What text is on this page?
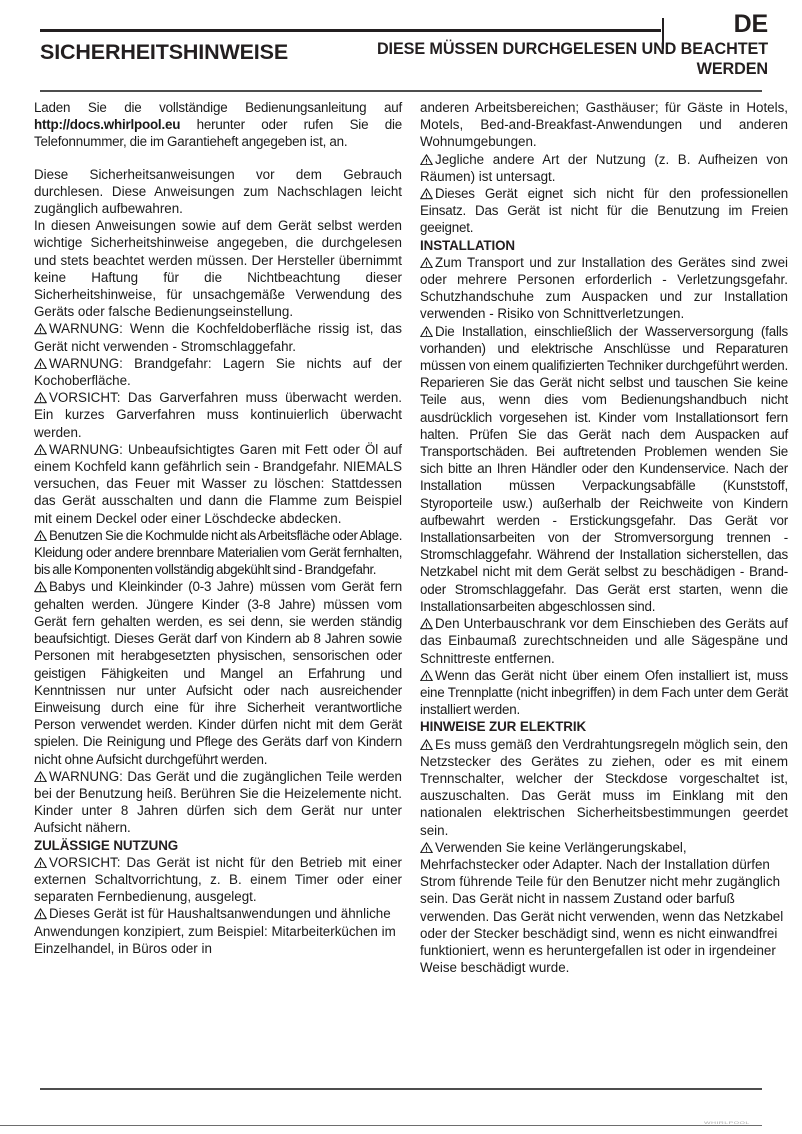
DE
SICHERHEITSHINWEISE	DIESE MÜSSEN DURCHGELESEN UND BEACHTET WERDEN

Laden Sie die vollständige Bedienungsanleitung auf http://docs.whirlpool.eu herunter oder rufen Sie die Telefonnummer, die im Garantieheft angegeben ist, an.

Diese Sicherheitsanweisungen vor dem Gebrauch durchlesen. Diese Anweisungen zum Nachschlagen leicht zugänglich aufbewahren.

In diesen Anweisungen sowie auf dem Gerät selbst werden wichtige Sicherheitshinweise angegeben, die durchgelesen und stets beachtet werden müssen. Der Hersteller übernimmt keine Haftung für die Nichtbeachtung dieser Sicherheitshinweise, für unsachgemäße Verwendung des Geräts oder falsche Bedienungseinstellung.

WARNUNG: Wenn die Kochfeldoberfläche rissig ist, das Gerät nicht verwenden - Stromschlaggefahr.

WARNUNG: Brandgefahr: Lagern Sie nichts auf der Kochoberfläche.

VORSICHT: Das Garverfahren muss überwacht werden. Ein kurzes Garverfahren muss kontinuierlich überwacht werden.

WARNUNG: Unbeaufsichtigtes Garen mit Fett oder Öl auf einem Kochfeld kann gefährlich sein - Brandgefahr. NIEMALS versuchen, das Feuer mit Wasser zu löschen: Stattdessen das Gerät ausschalten und dann die Flamme zum Beispiel mit einem Deckel oder einer Löschdecke abdecken.

Benutzen Sie die Kochmulde nicht als Arbeitsfläche oder Ablage. Kleidung oder andere brennbare Materialien vom Gerät fernhalten, bis alle Komponenten vollständig abgekühlt sind - Brandgefahr.

Babys und Kleinkinder (0-3 Jahre) müssen vom Gerät fern gehalten werden. Jüngere Kinder (3-8 Jahre) müssen vom Gerät fern gehalten werden, es sei denn, sie werden ständig beaufsichtigt. Dieses Gerät darf von Kindern ab 8 Jahren sowie Personen mit herabgesetzten physischen, sensorischen oder geistigen Fähigkeiten und Mangel an Erfahrung und Kenntnissen nur unter Aufsicht oder nach ausreichender Einweisung durch eine für ihre Sicherheit verantwortliche Person verwendet werden. Kinder dürfen nicht mit dem Gerät spielen. Die Reinigung und Pflege des Geräts darf von Kindern nicht ohne Aufsicht durchgeführt werden.

WARNUNG: Das Gerät und die zugänglichen Teile werden bei der Benutzung heiß. Berühren Sie die Heizelemente nicht. Kinder unter 8 Jahren dürfen sich dem Gerät nur unter Aufsicht nähern.

ZULÄSSIGE NUTZUNG

VORSICHT: Das Gerät ist nicht für den Betrieb mit einer externen Schaltvorrichtung, z. B. einem Timer oder einer separaten Fernbedienung, ausgelegt.

Dieses Gerät ist für Haushaltsanwendungen und ähnliche Anwendungen konzipiert, zum Beispiel: Mitarbeiterküchen im Einzelhandel, in Büros oder in

anderen Arbeitsbereichen; Gasthäuser; für Gäste in Hotels, Motels, Bed-and-Breakfast-Anwendungen und anderen Wohnumgebungen.

Jegliche andere Art der Nutzung (z. B. Aufheizen von Räumen) ist untersagt.

Dieses Gerät eignet sich nicht für den professionellen Einsatz. Das Gerät ist nicht für die Benutzung im Freien geeignet.

INSTALLATION

Zum Transport und zur Installation des Gerätes sind zwei oder mehrere Personen erforderlich - Verletzungsgefahr. Schutzhandschuhe zum Auspacken und zur Installation verwenden - Risiko von Schnittverletzungen.

Die Installation, einschließlich der Wasserversorgung (falls vorhanden) und elektrische Anschlüsse und Reparaturen müssen von einem qualifizierten Techniker durchgeführt werden. Reparieren Sie das Gerät nicht selbst und tauschen Sie keine Teile aus, wenn dies vom Bedienungshandbuch nicht ausdrücklich vorgesehen ist. Kinder vom Installationsort fern halten. Prüfen Sie das Gerät nach dem Auspacken auf Transportschäden. Bei auftretenden Problemen wenden Sie sich bitte an Ihren Händler oder den Kundenservice. Nach der Installation müssen Verpackungsabfälle (Kunststoff, Styroporteile usw.) außerhalb der Reichweite von Kindern aufbewahrt werden - Erstickungsgefahr. Das Gerät vor Installationsarbeiten von der Stromversorgung trennen - Stromschlaggefahr. Während der Installation sicherstellen, das Netzkabel nicht mit dem Gerät selbst zu beschädigen - Brand- oder Stromschlaggefahr. Das Gerät erst starten, wenn die Installationsarbeiten abgeschlossen sind.

Den Unterbauschrank vor dem Einschieben des Geräts auf das Einbaumaß zurechtschneiden und alle Sägespäne und Schnittreste entfernen.

Wenn das Gerät nicht über einem Ofen installiert ist, muss eine Trennplatte (nicht inbegriffen) in dem Fach unter dem Gerät installiert werden.

HINWEISE ZUR ELEKTRIK

Es muss gemäß den Verdrahtungsregeln möglich sein, den Netzstecker des Gerätes zu ziehen, oder es mit einem Trennschalter, welcher der Steckdose vorgeschaltet ist, auszuschalten. Das Gerät muss im Einklang mit den nationalen elektrischen Sicherheitsbestimmungen geerdet sein.

Verwenden Sie keine Verlängerungskabel, Mehrfachstecker oder Adapter. Nach der Installation dürfen Strom führende Teile für den Benutzer nicht mehr zugänglich sein. Das Gerät nicht in nassem Zustand oder barfuß verwenden. Das Gerät nicht verwenden, wenn das Netzkabel oder der Stecker beschädigt sind, wenn es nicht einwandfrei funktioniert, wenn es heruntergefallen ist oder in irgendeiner Weise beschädigt wurde.

WHIRLPOOL
